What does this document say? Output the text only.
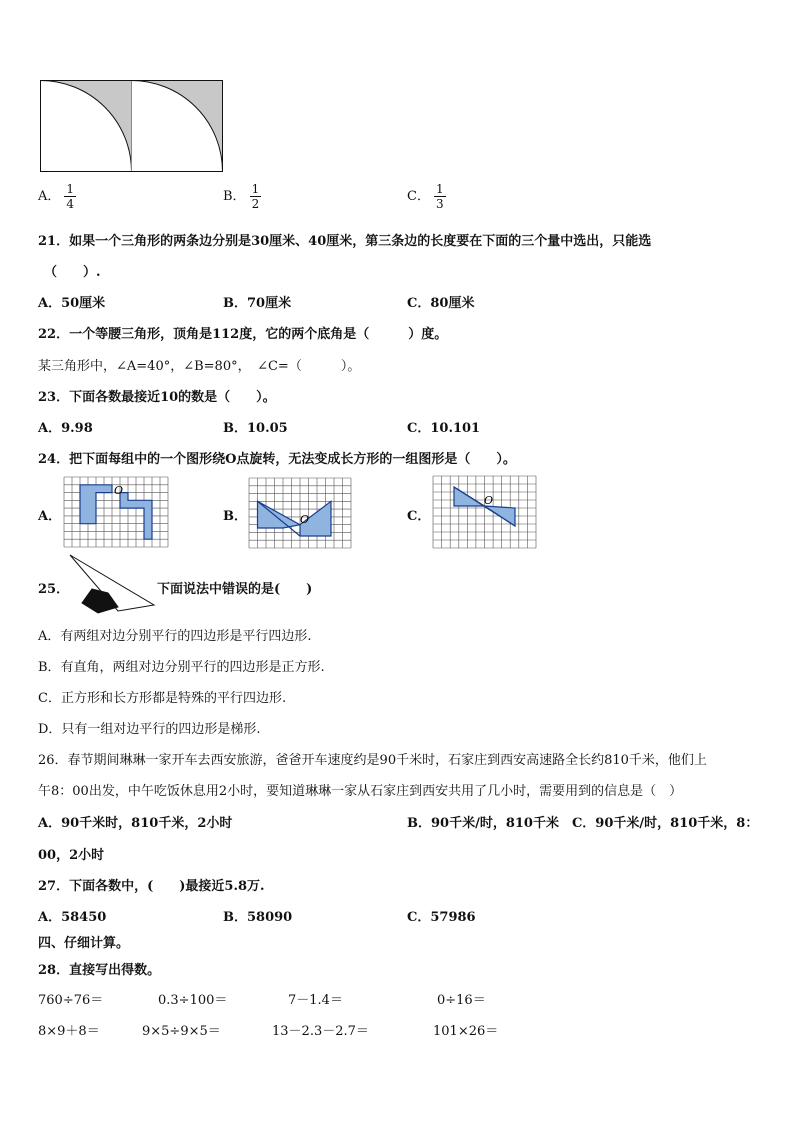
A． $\frac{1}{4}$	B． $\frac{1}{2}$	C． $\frac{1}{3}$
21．如果一个三角形的两条边分别是30厘米、40厘米，第三条边的长度要在下面的三个量中选出，只能选
（　　）.
A．50厘米	B．70厘米	C．80厘米
22．一个等腰三角形，顶角是112度，它的两个底角是（　　　）度。
某三角形中，∠A=40°，∠B=80°，　∠C=（　　　）。
23．下面各数最接近10的数是（　　）。
A．9.98	B．10.05	C．10.101
24．把下面每组中的一个图形绕O点旋转，无法变成长方形的一组图形是（　　）。
A．
O
B．	O	C．
O
25．	下面说法中错误的是(　　)
A．有两组对边分别平行的四边形是平行四边形.
B．有直角，两组对边分别平行的四边形是正方形.
C．正方形和长方形都是特殊的平行四边形.
D．只有一组对边平行的四边形是梯形.
26．春节期间琳琳一家开车去西安旅游，爸爸开车速度约是90千米时，石家庄到西安高速路全长约810千米，他们上
午8：00出发，中午吃饭休息用2小时，要知道琳琳一家从石家庄到西安共用了几小时，需要用到的信息是（　）
A．90千米时，810千米，2小时	B．90千米/时，810千米　C．90千米/时，810千米，8：
00，2小时
27．下面各数中，(　　)最接近5.8万.
A．58450	B．58090	C．57986
四、仔细计算。
28．直接写出得数。
760÷76＝	0.3÷100＝	7－1.4＝	0÷16＝
8×9＋8＝	9×5÷9×5＝	13－2.3－2.7＝	101×26＝
